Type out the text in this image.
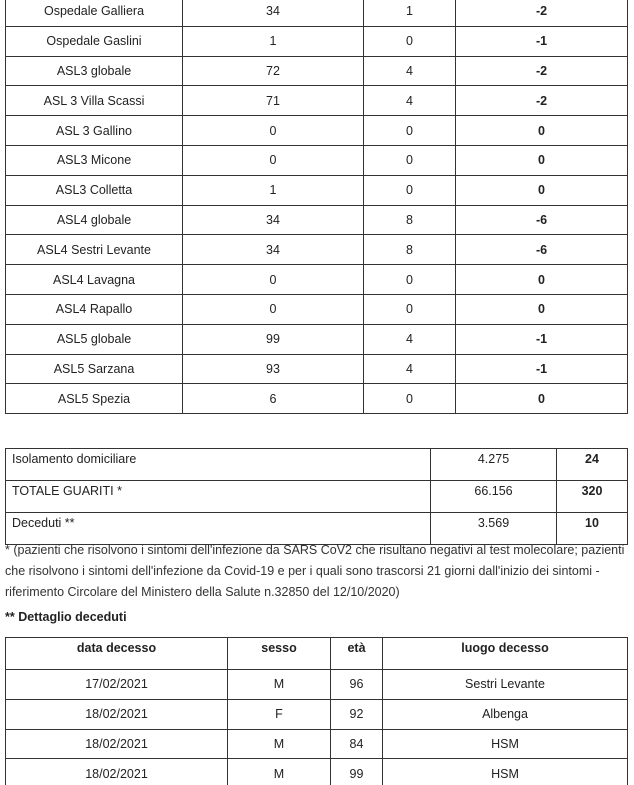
Ospedale Galliera	34	1	-2
Ospedale Gaslini	1	0	-1
ASL3 globale	72	4	-2
ASL 3 Villa Scassi	71	4	-2
ASL 3 Gallino	0	0	0
ASL3 Micone	0	0	0
ASL3 Colletta	1	0	0
ASL4 globale	34	8	-6
ASL4 Sestri Levante	34	8	-6
ASL4 Lavagna	0	0	0
ASL4 Rapallo	0	0	0
ASL5 globale	99	4	-1
ASL5 Sarzana	93	4	-1
ASL5 Spezia	6	0	0
Isolamento domiciliare	4.275	24
TOTALE GUARITI *	66.156	320
Deceduti **	3.569	10
* (pazienti che risolvono i sintomi dell'infezione da SARS CoV2 che risultano negativi al test molecolare; pazienti che risolvono i sintomi dell'infezione da Covid-19 e per i quali sono trascorsi 21 giorni dall'inizio dei sintomi - riferimento Circolare del Ministero della Salute n.32850 del 12/10/2020)
** Dettaglio deceduti
data decesso	sesso	età	luogo decesso
17/02/2021	M	96	Sestri Levante
18/02/2021	F	92	Albenga
18/02/2021	M	84	HSM
18/02/2021	M	99	HSM
